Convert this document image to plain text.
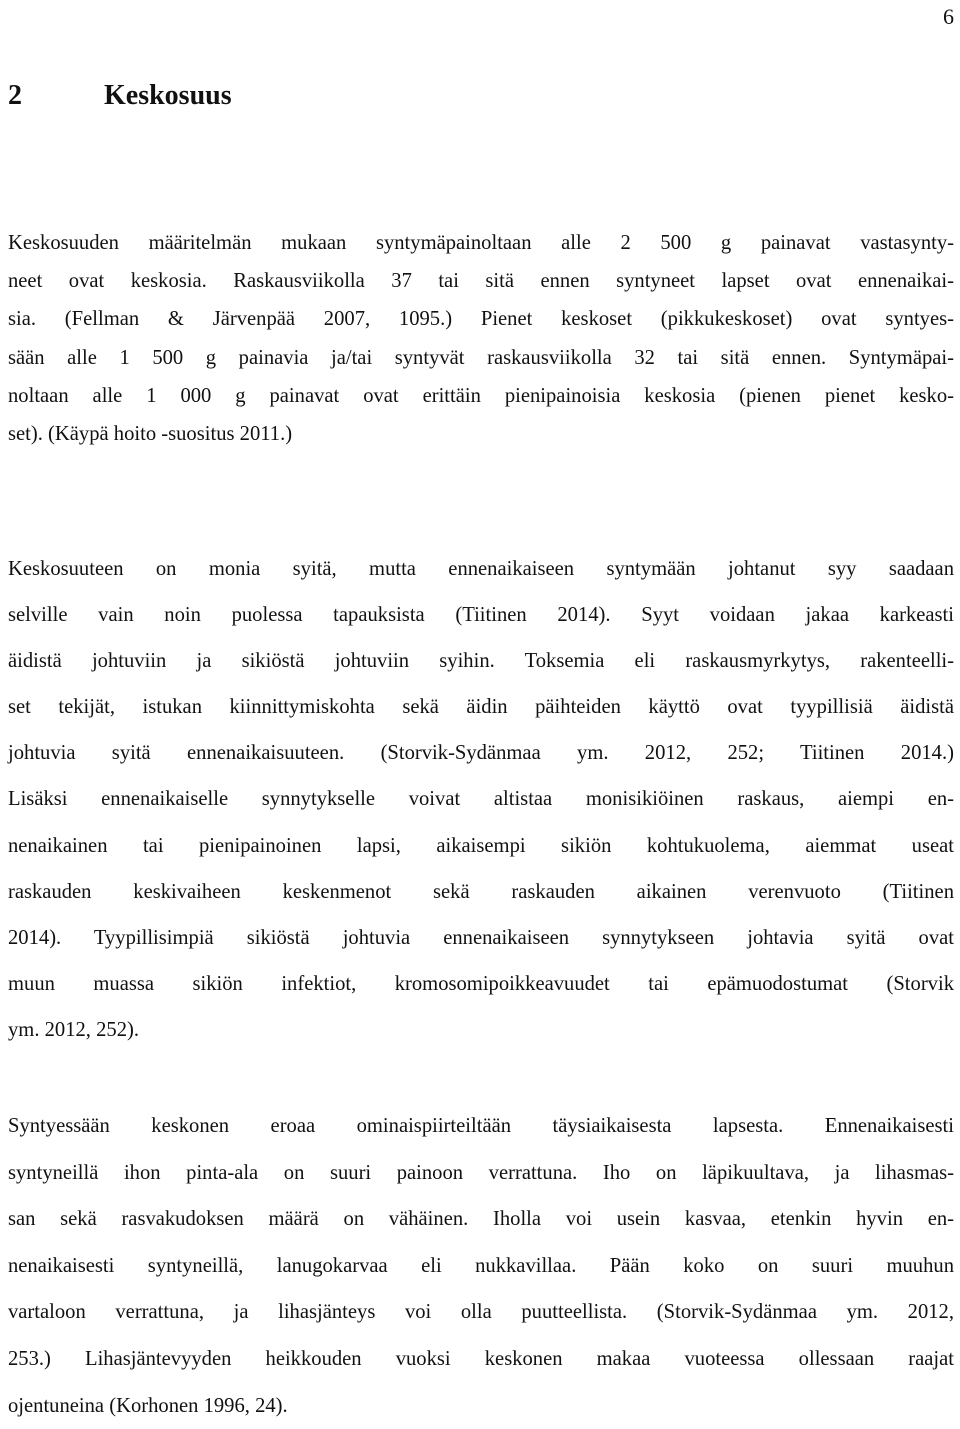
6
2	Keskosuus

Keskosuuden määritelmän mukaan syntymäpainoltaan alle 2 500 g painavat vastasynty-
neet ovat keskosia. Raskausviikolla 37 tai sitä ennen syntyneet lapset ovat ennenaikai-
sia. (Fellman & Järvenpää 2007, 1095.) Pienet keskoset (pikkukeskoset) ovat syntyes-
sään alle 1 500 g painavia ja/tai syntyvät raskausviikolla 32 tai sitä ennen. Syntymäpai-
noltaan alle 1 000 g painavat ovat erittäin pienipainoisia keskosia (pienen pienet kesko-
set). (Käypä hoito -suositus 2011.)

Keskosuuteen on monia syitä, mutta ennenaikaiseen syntymään johtanut syy saadaan
selville vain noin puolessa tapauksista (Tiitinen 2014). Syyt voidaan jakaa karkeasti
äidistä johtuviin ja sikiöstä johtuviin syihin. Toksemia eli raskausmyrkytys, rakenteelli-
set tekijät, istukan kiinnittymiskohta sekä äidin päihteiden käyttö ovat tyypillisiä äidistä
johtuvia syitä ennenaikaisuuteen. (Storvik-Sydänmaa ym. 2012, 252; Tiitinen 2014.)
Lisäksi ennenaikaiselle synnytykselle voivat altistaa monisikiöinen raskaus, aiempi en-
nenaikainen tai pienipainoinen lapsi, aikaisempi sikiön kohtukuolema, aiemmat useat
raskauden keskivaiheen keskenmenot sekä raskauden aikainen verenvuoto (Tiitinen
2014). Tyypillisimpiä sikiöstä johtuvia ennenaikaiseen synnytykseen johtavia syitä ovat
muun muassa sikiön infektiot, kromosomipoikkeavuudet tai epämuodostumat (Storvik
ym. 2012, 252).

Syntyessään keskonen eroaa ominaispiirteiltään täysiaikaisesta lapsesta. Ennenaikaisesti
syntyneillä ihon pinta-ala on suuri painoon verrattuna. Iho on läpikuultava, ja lihasmas-
san sekä rasvakudoksen määrä on vähäinen. Iholla voi usein kasvaa, etenkin hyvin en-
nenaikaisesti syntyneillä, lanugokarvaa eli nukkavillaa. Pään koko on suuri muuhun
vartaloon verrattuna, ja lihasjänteys voi olla puutteellista. (Storvik-Sydänmaa ym. 2012,
253.) Lihasjäntevyyden heikkouden vuoksi keskonen makaa vuoteessa ollessaan raajat
ojentuneina (Korhonen 1996, 24).
